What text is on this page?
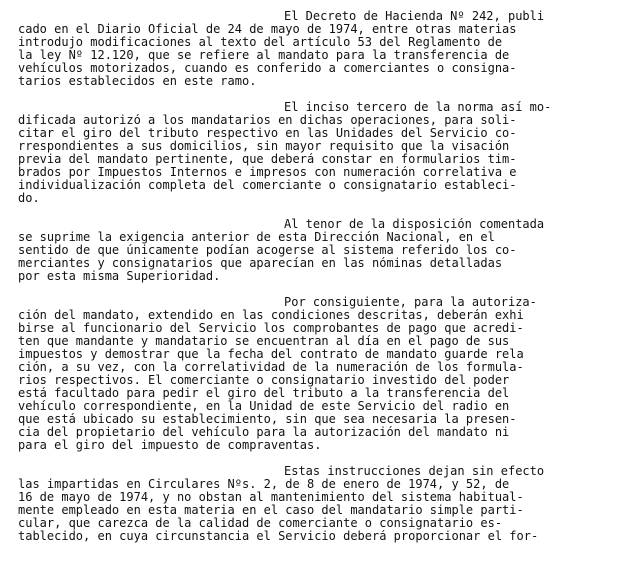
El Decreto de Hacienda Nº 242, publi
cado en el Diario Oficial de 24 de mayo de 1974, entre otras materias
introdujo modificaciones al texto del artículo 53 del Reglamento de
la ley Nº 12.120, que se refiere al mandato para la transferencia de
vehículos motorizados, cuando es conferido a comerciantes o consigna-
tarios establecidos en este ramo.
El inciso tercero de la norma así mo-
dificada autorizó a los mandatarios en dichas operaciones, para soli-
citar el giro del tributo respectivo en las Unidades del Servicio co-
rrespondientes a sus domicilios, sin mayor requisito que la visación
previa del mandato pertinente, que deberá constar en formularios tim-
brados por Impuestos Internos e impresos con numeración correlativa e
individualización completa del comerciante o consignatario estableci-
do.
Al tenor de la disposición comentada
se suprime la exigencia anterior de esta Dirección Nacional, en el
sentido de que únicamente podían acogerse al sistema referido los co-
merciantes y consignatarios que aparecían en las nóminas detalladas
por esta misma Superioridad.
Por consiguiente, para la autoriza-
ción del mandato, extendido en las condiciones descritas, deberán exhi
birse al funcionario del Servicio los comprobantes de pago que acredi-
ten que mandante y mandatario se encuentran al día en el pago de sus
impuestos y demostrar que la fecha del contrato de mandato guarde rela
ción, a su vez, con la correlatividad de la numeración de los formula-
rios respectivos. El comerciante o consignatario investido del poder
está facultado para pedir el giro del tributo a la transferencia del
vehículo correspondiente, en la Unidad de este Servicio del radio en
que está ubicado su establecimiento, sin que sea necesaria la presen-
cia del propietario del vehículo para la autorización del mandato ni
para el giro del impuesto de compraventas.
Estas instrucciones dejan sin efecto
las impartidas en Circulares Nºs. 2, de 8 de enero de 1974, y 52, de
16 de mayo de 1974, y no obstan al mantenimiento del sistema habitual-
mente empleado en esta materia en el caso del mandatario simple parti-
cular, que carezca de la calidad de comerciante o consignatario es-
tablecido, en cuya circunstancia el Servicio deberá proporcionar el for-
